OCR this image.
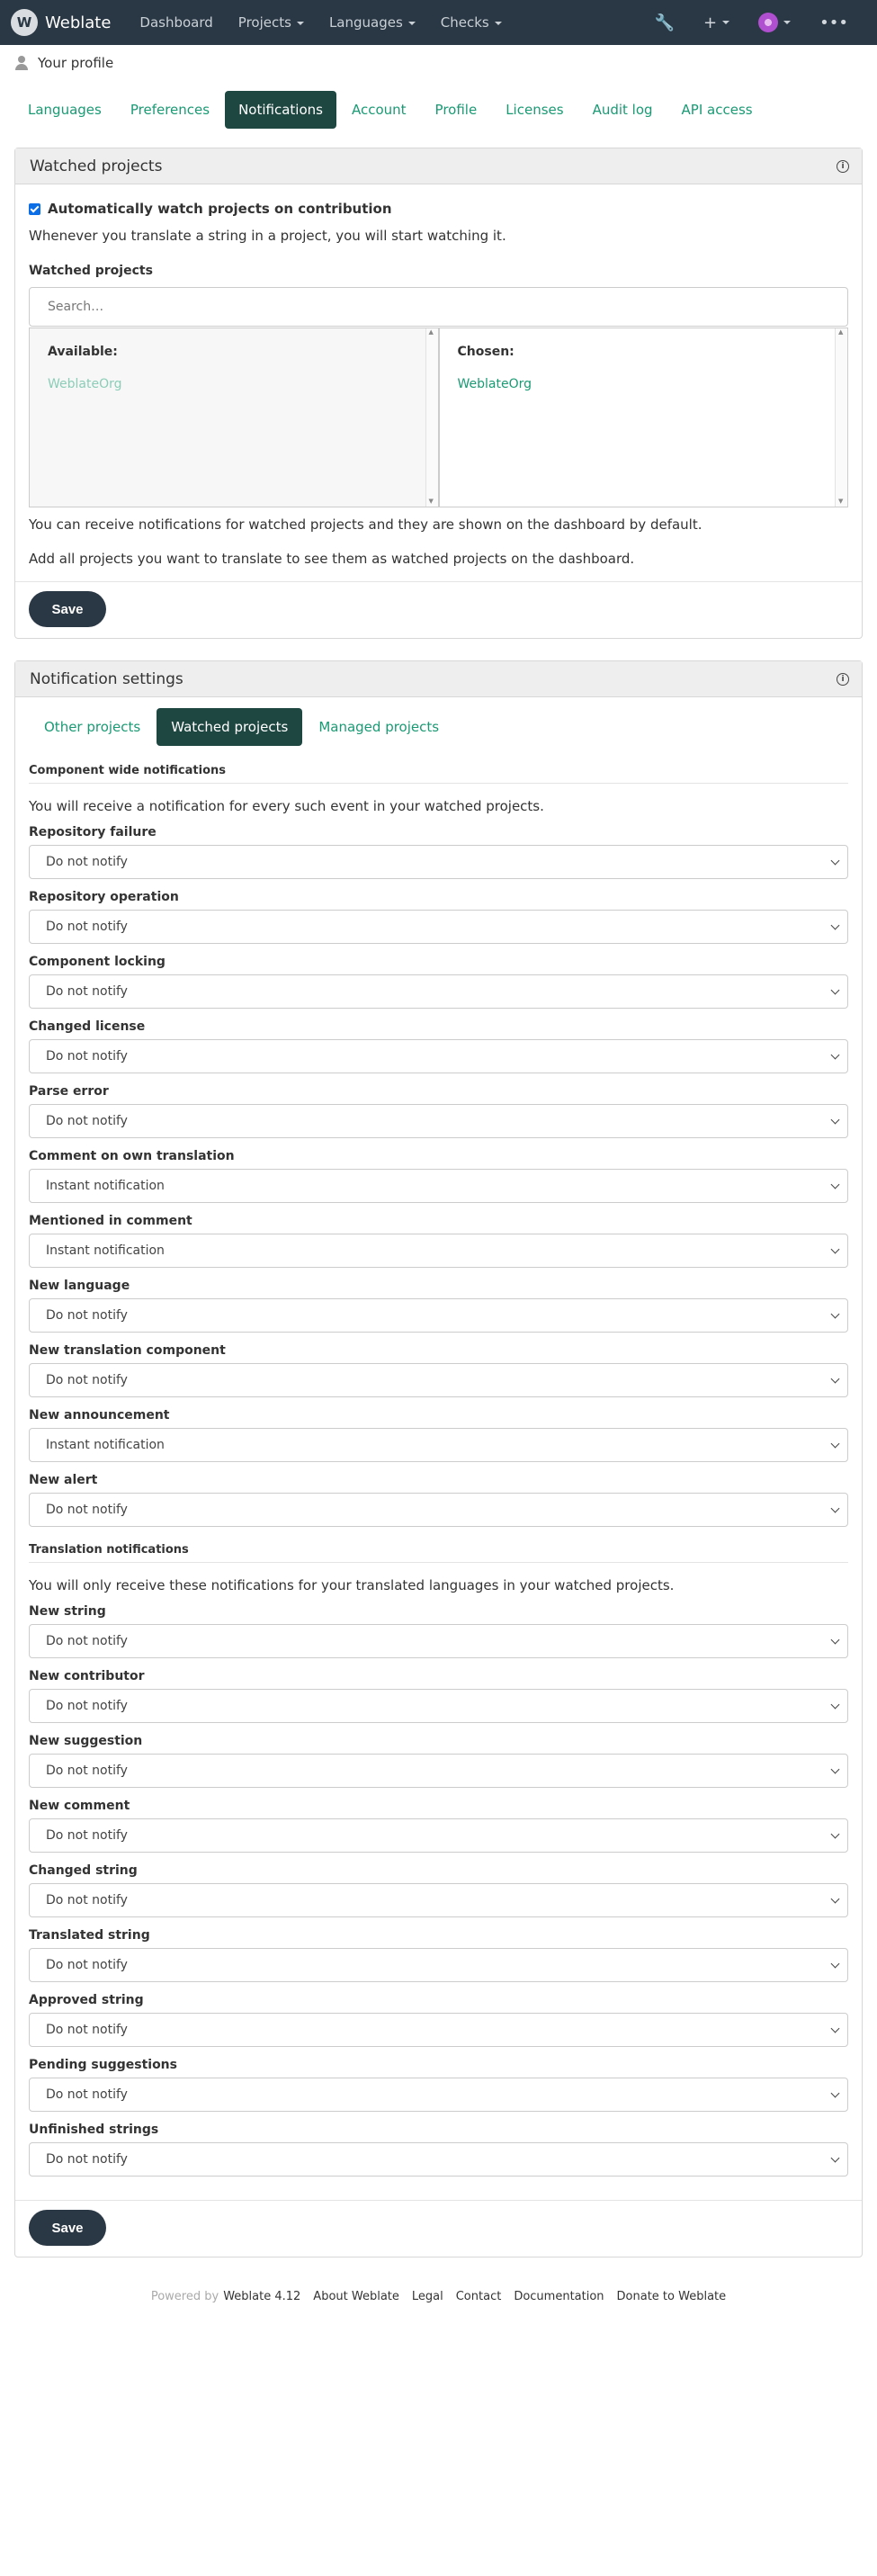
W Weblate Dashboard Projects	Languages	Checks	🔧 +	•••
Your profile
Languages	Preferences	Notifications	Account	Profile	Licenses	Audit log	API access
Watched projects	i
Automatically watch projects on contribution
Whenever you translate a string in a project, you will start watching it.
Watched projects
Search…
Available:
WeblateOrg
▲ ▼
Chosen:
WeblateOrg
▲ ▼
You can receive notifications for watched projects and they are shown on the dashboard by default.
Add all projects you want to translate to see them as watched projects on the dashboard.
Save
Notification settings	i
Other projects	Watched projects	Managed projects
Component wide notifications
You will receive a notification for every such event in your watched projects.
Repository failure
Do not notify
Repository operation
Do not notify
Component locking
Do not notify
Changed license
Do not notify
Parse error
Do not notify
Comment on own translation
Instant notification
Mentioned in comment
Instant notification
New language
Do not notify
New translation component
Do not notify
New announcement
Instant notification
New alert
Do not notify
Translation notifications
You will only receive these notifications for your translated languages in your watched projects.
New string
Do not notify
New contributor
Do not notify
New suggestion
Do not notify
New comment
Do not notify
Changed string
Do not notify
Translated string
Do not notify
Approved string
Do not notify
Pending suggestions
Do not notify
Unfinished strings
Do not notify
Save
Powered by Weblate 4.12 About Weblate Legal Contact Documentation Donate to Weblate
